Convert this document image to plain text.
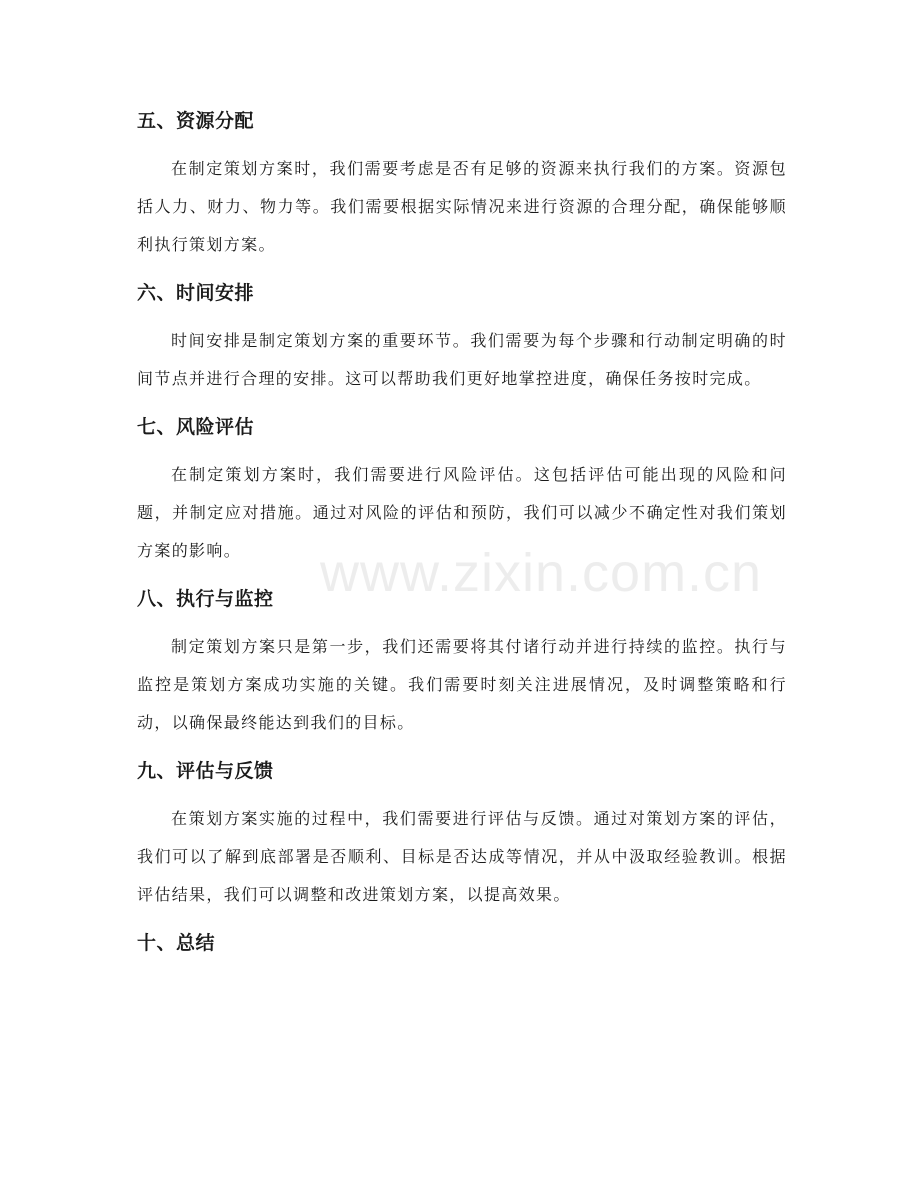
五、资源分配

在制定策划方案时，我们需要考虑是否有足够的资源来执行我们的方案。资源包括人力、财力、物力等。我们需要根据实际情况来进行资源的合理分配，确保能够顺利执行策划方案。

六、时间安排

时间安排是制定策划方案的重要环节。我们需要为每个步骤和行动制定明确的时间节点并进行合理的安排。这可以帮助我们更好地掌控进度，确保任务按时完成。

七、风险评估

在制定策划方案时，我们需要进行风险评估。这包括评估可能出现的风险和问题，并制定应对措施。通过对风险的评估和预防，我们可以减少不确定性对我们策划方案的影响。

八、执行与监控

制定策划方案只是第一步，我们还需要将其付诸行动并进行持续的监控。执行与监控是策划方案成功实施的关键。我们需要时刻关注进展情况，及时调整策略和行动，以确保最终能达到我们的目标。

九、评估与反馈

在策划方案实施的过程中，我们需要进行评估与反馈。通过对策划方案的评估，我们可以了解到底部署是否顺利、目标是否达成等情况，并从中汲取经验教训。根据评估结果，我们可以调整和改进策划方案，以提高效果。

十、总结
www.zixin.com.cn
